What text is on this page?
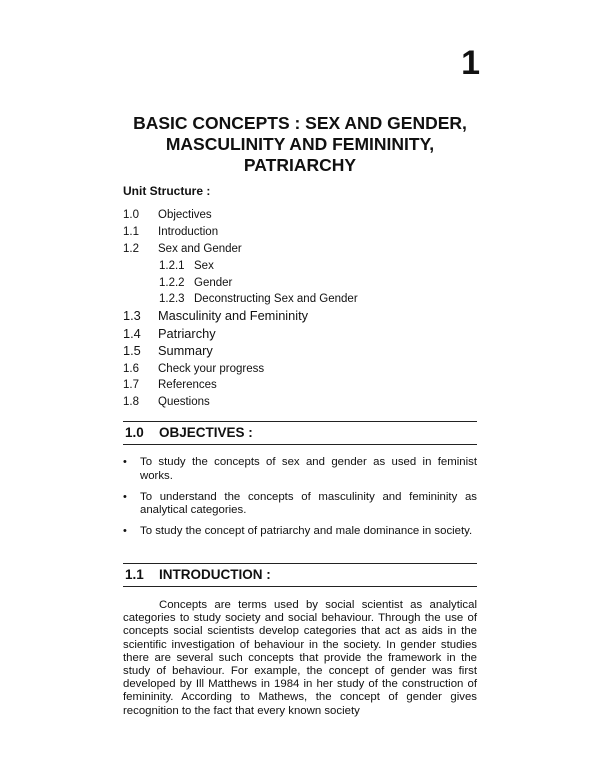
1
BASIC CONCEPTS : SEX AND GENDER,
MASCULINITY AND FEMININITY,
PATRIARCHY
Unit Structure :
1.0 Objectives
1.1 Introduction
1.2 Sex and Gender
1.2.1 Sex
1.2.2 Gender
1.2.3 Deconstructing Sex and Gender
1.3 Masculinity and Femininity
1.4 Patriarchy
1.5 Summary
1.6 Check your progress
1.7 References
1.8 Questions
1.0 OBJECTIVES :
• To study the concepts of sex and gender as used in feminist works.
• To understand the concepts of masculinity and femininity as analytical categories.
• To study the concept of patriarchy and male dominance in society.
1.1 INTRODUCTION :
Concepts are terms used by social scientist as analytical categories to study society and social behaviour. Through the use of concepts social scientists develop categories that act as aids in the scientific investigation of behaviour in the society. In gender studies there are several such concepts that provide the framework in the study of behaviour. For example, the concept of gender was first developed by Ill Matthews in 1984 in her study of the construction of femininity. According to Mathews, the concept of gender gives recognition to the fact that every known society
